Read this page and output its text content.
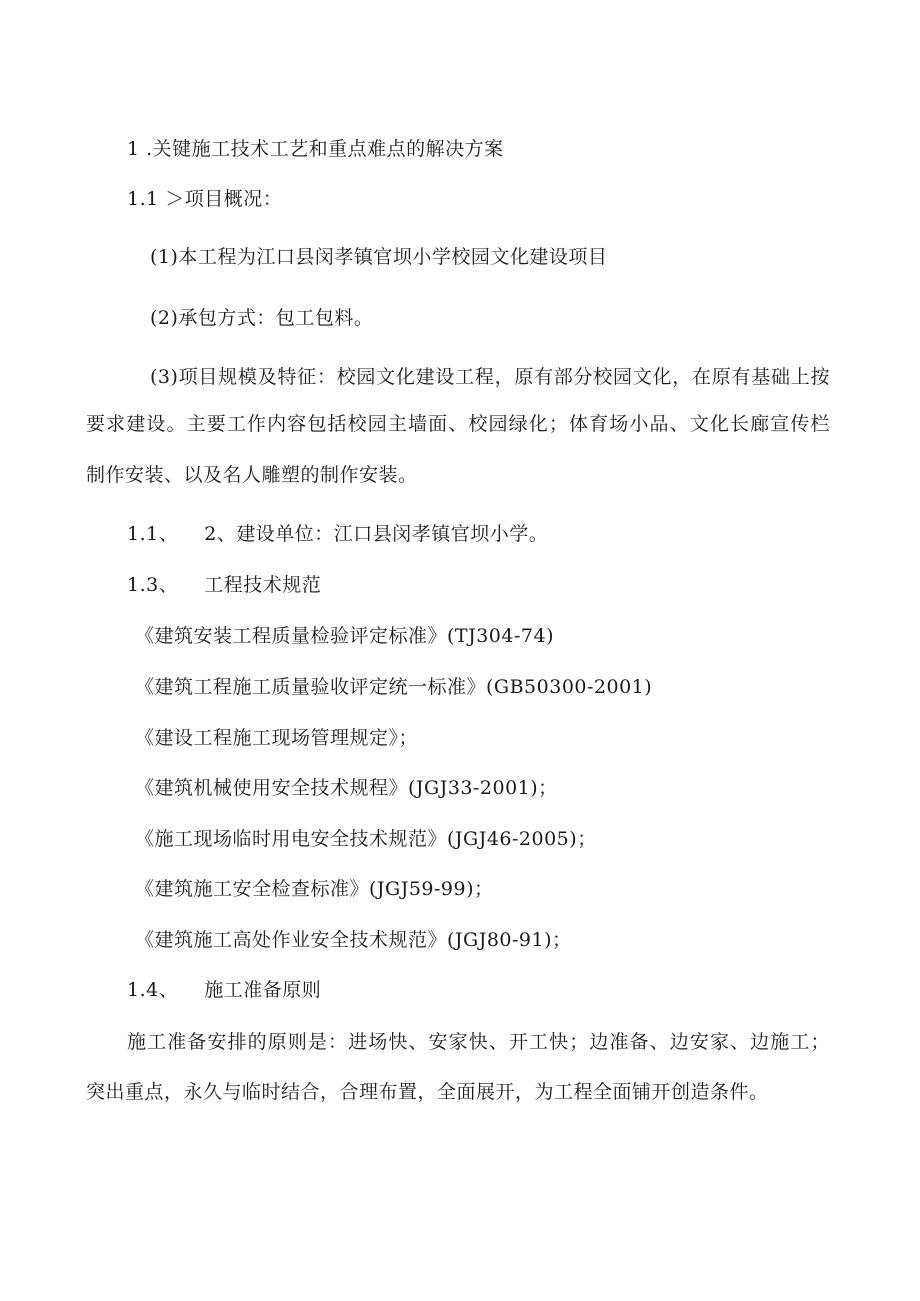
1 .关键施工技术工艺和重点难点的解决方案
1.1 ＞项目概况：
(1)本工程为江口县闵孝镇官坝小学校园文化建设项目
(2)承包方式：包工包料。
(3)项目规模及特征：校园文化建设工程，原有部分校园文化，在原有基础上按
要求建设。主要工作内容包括校园主墙面、校园绿化；体育场小品、文化长廊宣传栏
制作安装、以及名人雕塑的制作安装。
1.1、 2、建设单位：江口县闵孝镇官坝小学。
1.3、 工程技术规范
《建筑安装工程质量检验评定标准》(TJ304-74)
《建筑工程施工质量验收评定统一标准》(GB50300-2001)
《建设工程施工现场管理规定》；
《建筑机械使用安全技术规程》(JGJ33-2001)；
《施工现场临时用电安全技术规范》(JGJ46-2005)；
《建筑施工安全检查标准》(JGJ59-99)；
《建筑施工高处作业安全技术规范》(JGJ80-91)；
1.4、 施工准备原则
施工准备安排的原则是：进场快、安家快、开工快；边准备、边安家、边施工；
突出重点，永久与临时结合，合理布置，全面展开，为工程全面铺开创造条件。
